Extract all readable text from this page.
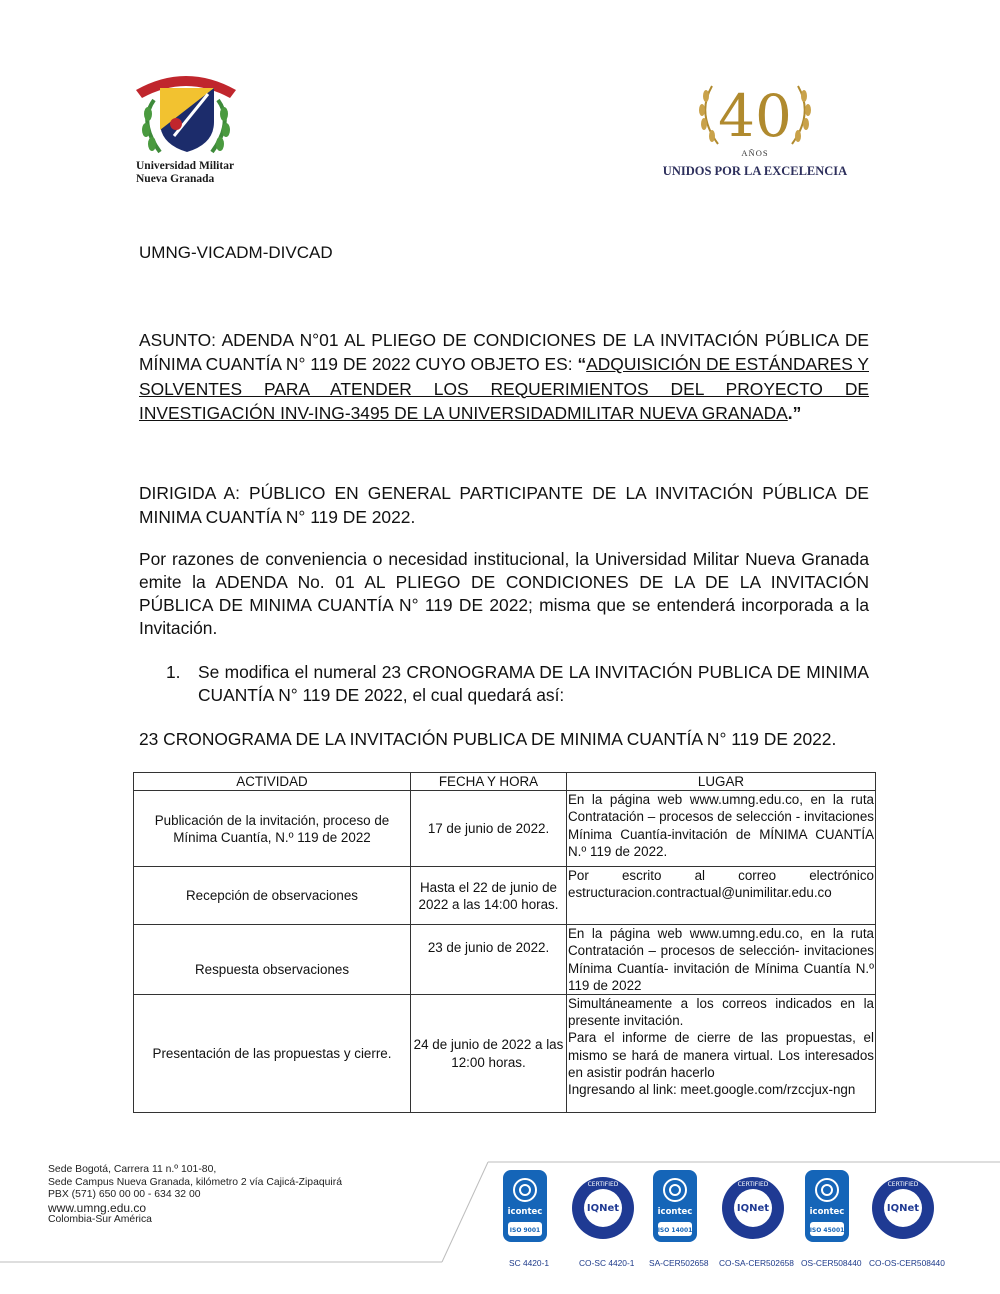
Universidad Militar
Nueva Granada
40
AÑOS
UNIDOS POR LA EXCELENCIA
UMNG-VICADM-DIVCAD
ASUNTO: ADENDA N°01 AL PLIEGO DE CONDICIONES DE LA INVITACIÓN PÚBLICA DE MÍNIMA CUANTÍA N° 119 DE 2022 CUYO OBJETO ES: “ADQUISICIÓN DE ESTÁNDARES Y SOLVENTES PARA ATENDER LOS REQUERIMIENTOS DEL PROYECTO DE INVESTIGACIÓN INV-ING-3495 DE LA UNIVERSIDADMILITAR NUEVA GRANADA.”
DIRIGIDA A: PÚBLICO EN GENERAL PARTICIPANTE DE LA INVITACIÓN PÚBLICA DE MINIMA CUANTÍA N° 119 DE 2022.
Por razones de conveniencia o necesidad institucional, la Universidad Militar Nueva Granada emite la ADENDA No. 01 AL PLIEGO DE CONDICIONES DE LA DE LA INVITACIÓN PÚBLICA DE MINIMA CUANTÍA N° 119 DE 2022; misma que se entenderá incorporada a la Invitación.
1.	Se modifica el numeral 23 CRONOGRAMA DE LA INVITACIÓN PUBLICA DE MINIMA CUANTÍA N° 119 DE 2022, el cual quedará así:
23 CRONOGRAMA DE LA INVITACIÓN PUBLICA DE MINIMA CUANTÍA N° 119 DE 2022.
ACTIVIDAD	FECHA Y HORA	LUGAR
Publicación de la invitación, proceso de Mínima Cuantía, N.º 119 de 2022	17 de junio de 2022.	En la página web www.umng.edu.co, en la ruta Contratación – procesos de selección - invitaciones Mínima Cuantía-invitación de MÍNIMA CUANTÍA N.º 119 de 2022.

Recepción de observaciones	Hasta el 22 de junio de 2022 a las 14:00 horas.	Por escrito al correo electrónico estructuracion.contractual@unimilitar.edu.co

Respuesta observaciones	23 de junio de 2022.	En la página web www.umng.edu.co, en la ruta Contratación – procesos de selección- invitaciones Mínima Cuantía- invitación de Mínima Cuantía N.º 119 de 2022

Presentación de las propuestas y cierre.	24 de junio de 2022 a las 12:00 horas.	Simultáneamente a los correos indicados en la presente invitación.
Para el informe de cierre de las propuestas, el mismo se hará de manera virtual. Los interesados en asistir podrán hacerlo
Ingresando al link: meet.google.com/rzccjux-ngn
Sede Bogotá, Carrera 11 n.º 101-80,
Sede Campus Nueva Granada, kilómetro 2 vía Cajicá-Zipaquirá
PBX (571) 650 00 00 - 634 32 00
www.umng.edu.co
Colombia-Sur América
icontec
ISO 9001
SC 4420-1
CERTIFIED
IQNet
CO-SC 4420-1
icontec
ISO 14001
SA-CER502658
CERTIFIED
IQNet
CO-SA-CER502658
icontec
ISO 45001
OS-CER508440
CERTIFIED
IQNet
CO-OS-CER508440
